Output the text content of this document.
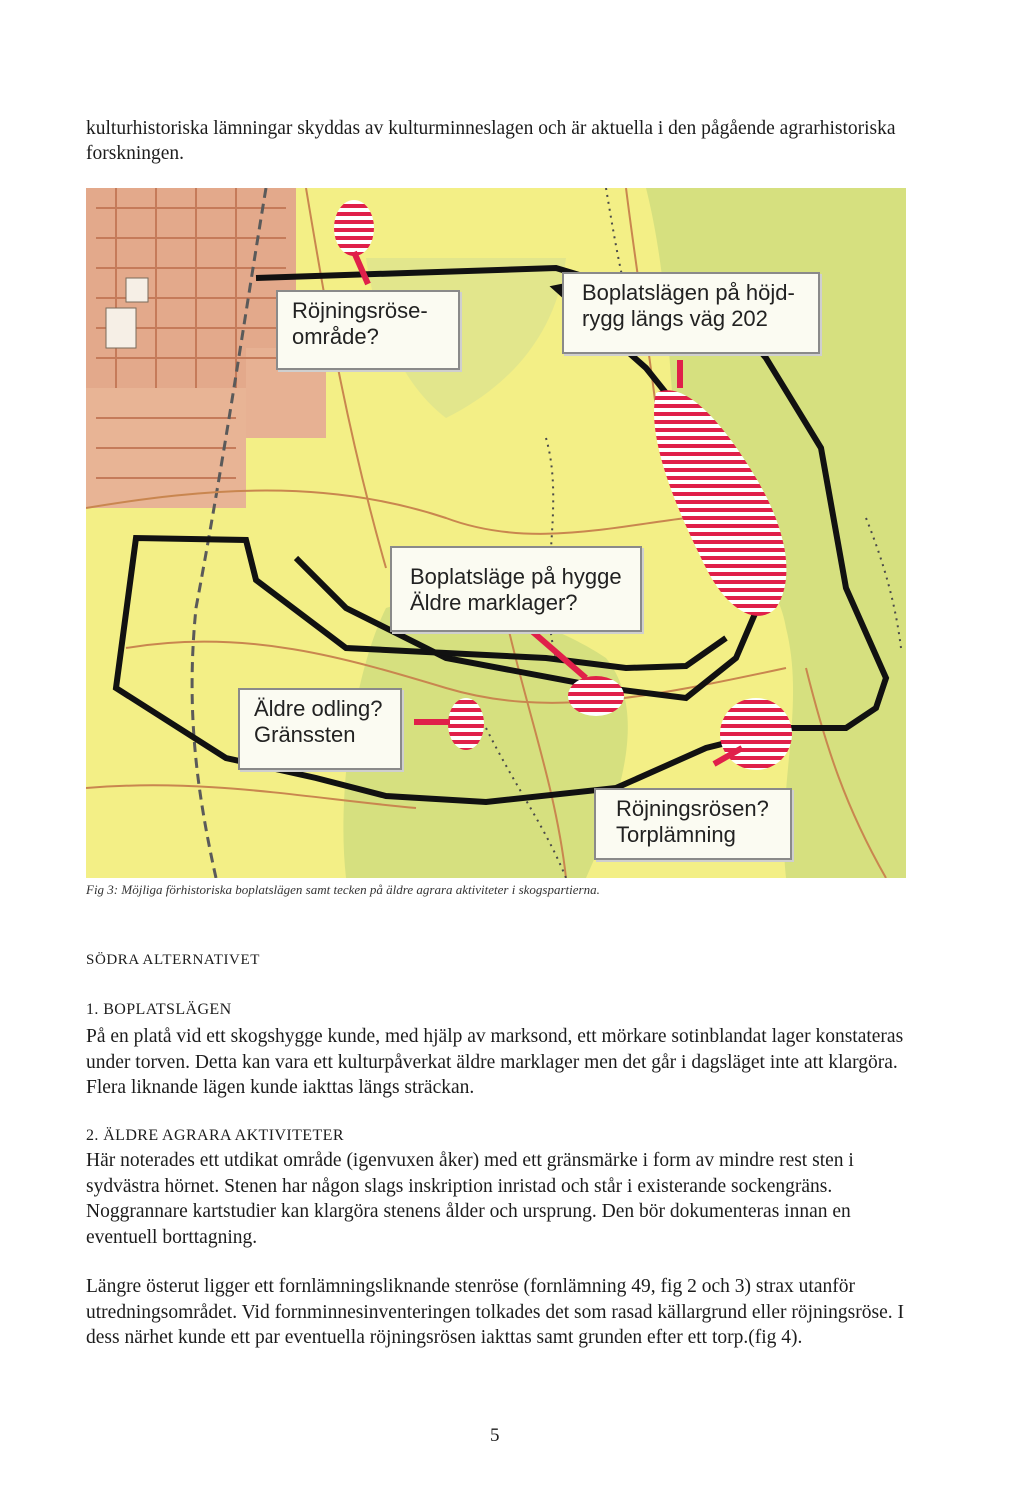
kulturhistoriska lämningar skyddas av kulturminneslagen och är aktuella i den pågående agrarhistoriska forskningen.

Röjningsröse-
område?
Boplatslägen på höjd-
rygg längs väg 202
Boplatsläge på hygge
Äldre marklager?
Äldre odling?
Gränssten
Röjningsrösen?
Torplämning

Fig 3: Möjliga förhistoriska boplatslägen samt tecken på äldre agrara aktiviteter i skogspartierna.

SÖDRA ALTERNATIVET
1. BOPLATSLÄGEN

På en platå vid ett skogshygge kunde, med hjälp av marksond, ett mörkare sotinblandat lager konstateras under torven. Detta kan vara ett kulturpåverkat äldre marklager men det går i dagsläget inte att klargöra. Flera liknande lägen kunde iakttas längs sträckan.

2. ÄLDRE AGRARA AKTIVITETER

Här noterades ett utdikat område (igenvuxen åker) med ett gränsmärke i form av mindre rest sten i sydvästra hörnet. Stenen har någon slags inskription inristad och står i existerande sockengräns. Noggrannare kartstudier kan klargöra stenens ålder och ursprung. Den bör dokumenteras innan en eventuell borttagning.

Längre österut ligger ett fornlämningsliknande stenröse (fornlämning 49, fig 2 och 3) strax utanför utredningsområdet. Vid fornminnesinventeringen tolkades det som rasad källargrund eller röjningsröse. I dess närhet kunde ett par eventuella röjningsrösen iakttas samt grunden efter ett torp.(fig 4).

5
